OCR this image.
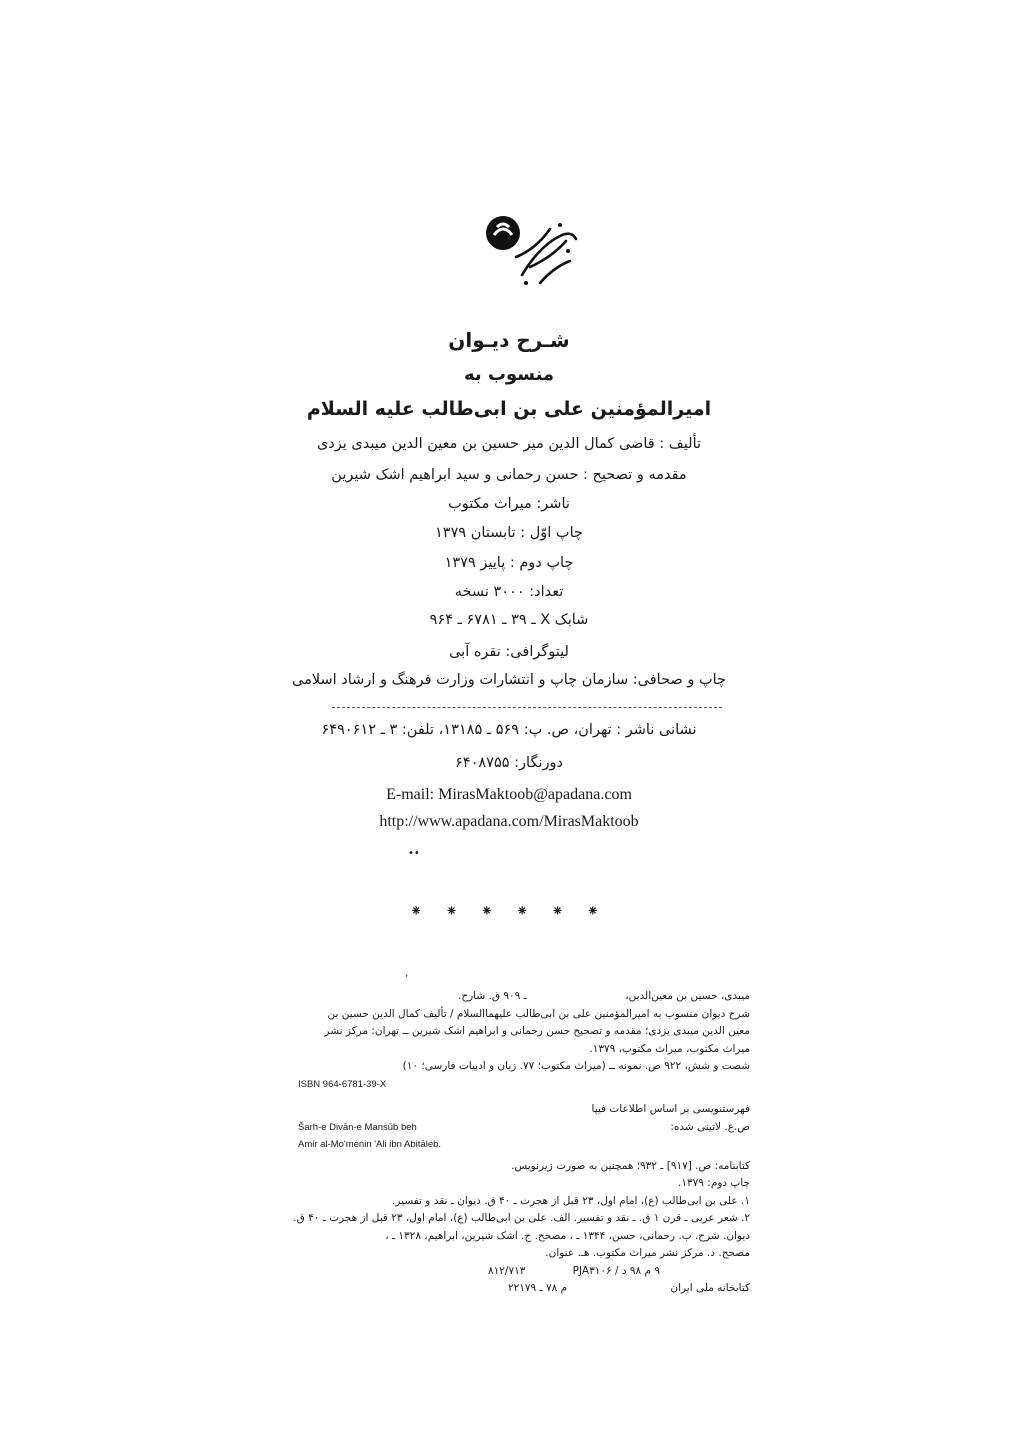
شـرح ديـوان
منسوب به
اميرالمؤمنين على بن ابى‌طالب عليه السلام
تأليف : قاضى كمال الدين مير حسين بن معين الدين ميبدى يزدى
مقدمه و تصحيح : حسن رحمانى و سيد ابراهيم اشک شيرين
ناشر: ميراث مكتوب
چاپ اوّل : تابستان ۱۳۷۹
چاپ دوم : پاييز ۱۳۷۹
تعداد: ۳۰۰۰ نسخه
شابک X ـ ۳۹ ـ ۶۷۸۱ ـ ۹۶۴
ليتوگرافى: نقره آبى
چاپ و صحافى: سازمان چاپ و انتشارات وزارت فرهنگ و ارشاد اسلامى
نشانى ناشر : تهران، ص. پ: ۵۶۹ ـ ۱۳۱۸۵، تلفن: ۳ ـ ۶۴۹۰۶۱۲
دورنگار: ۶۴۰۸۷۵۵
E-mail: MirasMaktoob@apadana.com
http://www.apadana.com/MirasMaktoob
••
⁕ ⁕ ⁕ ⁕ ⁕ ⁕
‚
ميبدى، حسين بن معين‌الدين،
ـ ۹۰۹ ق. شارح.
شرح ديوان منسوب به اميرالمؤمنين على بن ابى‌طالب عليهماالسلام / تأليف كمال الدين حسين بن
معين الدين ميبدى يزدى؛ مقدمه و تصحيح حسن رحمانى و ابراهيم اشک شيرين ــ تهران: مركز نشر
ميراث مكتوب، ميراث مكتوب، ۱۳۷۹.
شصت و شش، ۹۲۲ ص. نمونه ــ (ميراث مكتوب؛ ۷۷. زبان و ادبيات فارسى؛ ۱۰)
ISBN 964-6781-39-X
فهرستنويسى بر اساس اطلاعات فيپا
ص.ع. لاتينى شده:
Šarh-e Divān-e Mansūb beh
Amir al-Mo'menin 'Ali ibn Abitāleb.
كتابنامه: ص. [۹۱۷] ـ ۹۳۲؛ همچنين به صورت زيرنويس.
چاپ دوم: ۱۳۷۹.
۱. على بن ابى‌طالب (ع)، امام اول، ۲۳ قبل از هجرت ـ ۴۰ ق. ديوان ـ نقد و تفسير.
۲. شعر عربى ـ قرن ۱ ق. ـ نقد و تفسير. الف. على بن ابى‌طالب (ع)، امام اول، ۲۳ قبل از هجرت ـ ۴۰ ق.
ديوان. شرح. ب. رحمانى، حسن، ۱۳۴۴ ـ ، مصحح. ج. اشک شيرين، ابراهيم، ۱۳۲۸ ـ ،
مصحح. د. مركز نشر ميراث مكتوب. هـ. عنوان.
۹ م ۹۸ د / PJA۳۱۰۶
۸۱۲/۷۱۳
كتابخانه ملى ايران
م ۷۸ ـ ۲۲۱۷۹
